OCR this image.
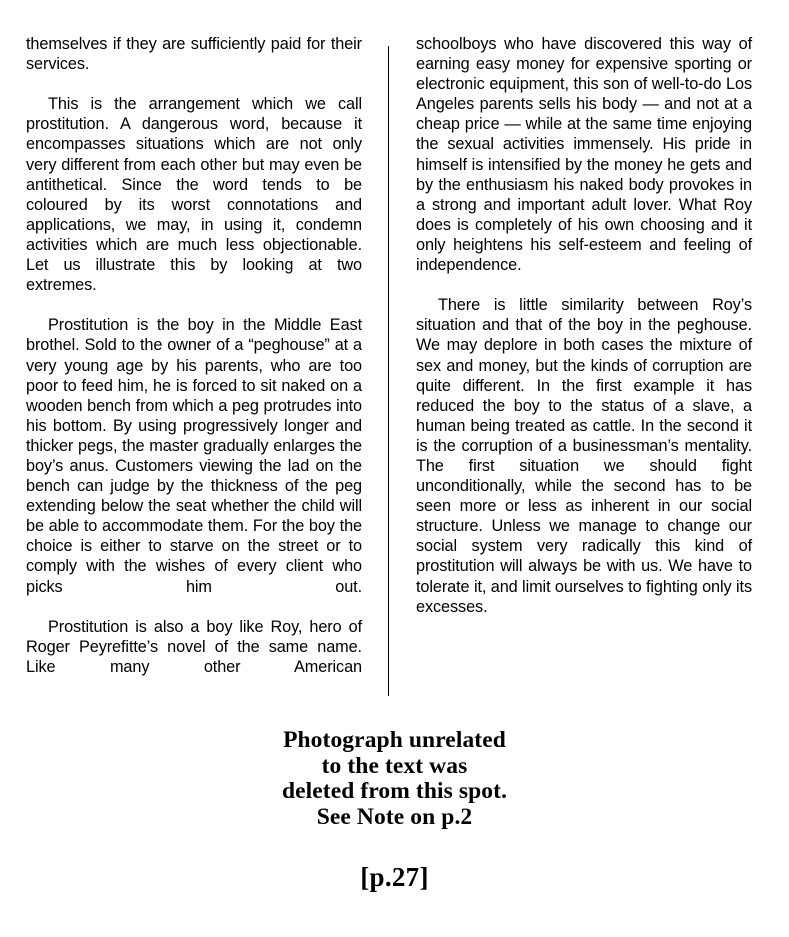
themselves if they are sufficiently paid for their services.

This is the arrangement which we call prostitution. A dangerous word, because it encompasses situations which are not only very different from each other but may even be antithetical. Since the word tends to be coloured by its worst connotations and applications, we may, in using it, condemn activities which are much less objectionable. Let us illustrate this by looking at two extremes.

Prostitution is the boy in the Middle East brothel. Sold to the owner of a “peghouse” at a very young age by his parents, who are too poor to feed him, he is forced to sit naked on a wooden bench from which a peg protrudes into his bottom. By using progressively longer and thicker pegs, the master gradually enlarges the boy’s anus. Customers viewing the lad on the bench can judge by the thickness of the peg extending below the seat whether the child will be able to accommodate them. For the boy the choice is either to starve on the street or to comply with the wishes of every client who picks him out.

Prostitution is also a boy like Roy, hero of Roger Peyrefitte’s novel of the same name. Like many other American

schoolboys who have discovered this way of earning easy money for expensive sporting or electronic equipment, this son of well-to-do Los Angeles parents sells his body — and not at a cheap price — while at the same time enjoying the sexual activities immensely. His pride in himself is intensified by the money he gets and by the enthusiasm his naked body provokes in a strong and important adult lover. What Roy does is completely of his own choosing and it only heightens his self-esteem and feeling of independence.

There is little similarity between Roy’s situation and that of the boy in the peghouse. We may deplore in both cases the mixture of sex and money, but the kinds of corruption are quite different. In the first example it has reduced the boy to the status of a slave, a human being treated as cattle. In the second it is the corruption of a businessman’s mentality. The first situation we should fight unconditionally, while the second has to be seen more or less as inherent in our social structure. Unless we manage to change our social system very radically this kind of prostitution will always be with us. We have to tolerate it, and limit ourselves to fighting only its excesses.

Photograph unrelated
to the text was
deleted from this spot.
See Note on p.2
[p.27]
